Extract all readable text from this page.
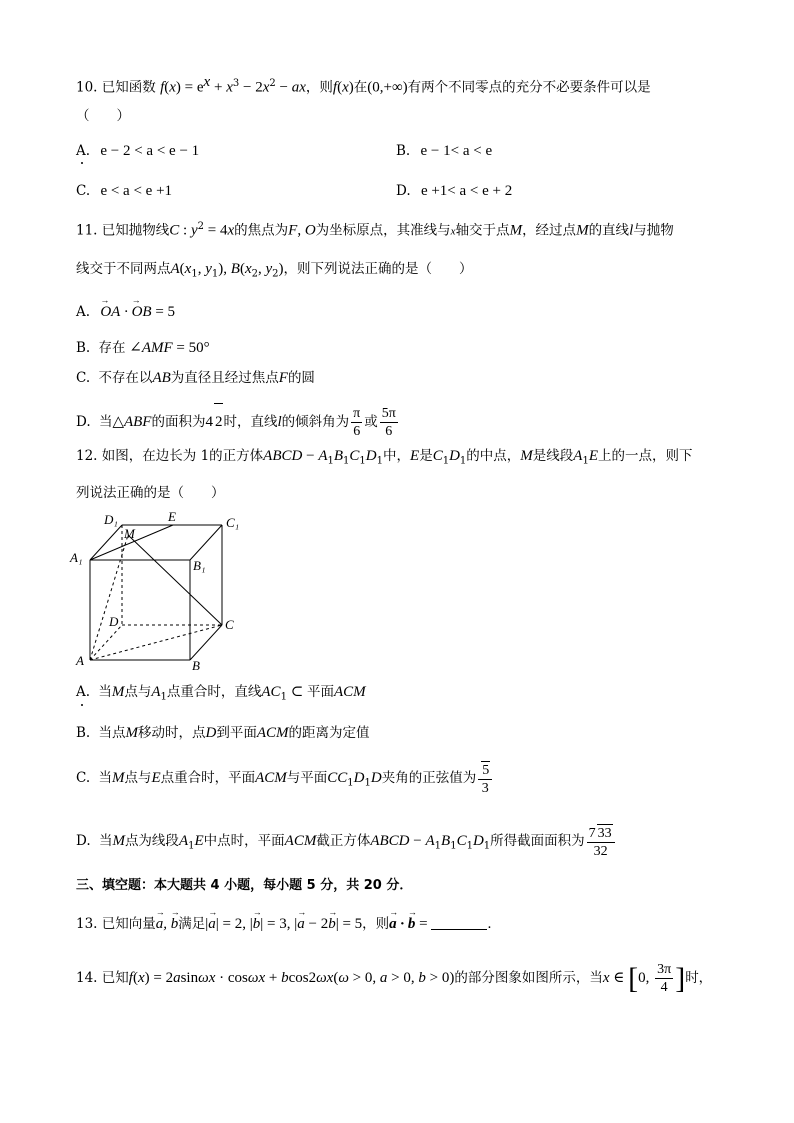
10. 已知函数 $f(x) = e^x + x^3 - 2x^2$ − ax，则f(x)在(0,+∞)有两个不同零点的充分不必要条件可以是
（　　）
A. e − 2 < a < e − 1	B. e − 1< a < e
C. e < a < e +1	D. e +1< a < e + 2
11. 已知抛物线C : $y^2 = 4x$的焦点为F, O为坐标原点，其准线与x轴交于点M，经过点M的直线l与抛物
线交于不同两点$A(x_1$, $y_1$), $B(x_2$, $y_2$)，则下列说法正确的是（　　）
A. → OA · → OB = 5
B. 存在 ∠AMF = 50°
C. 不存在以AB为直径且经过焦点F的圆
D. 当△ABF的面积为4 2时，直线l的倾斜角为 $\frac{\pi}{6}$ 或 $\frac{5\pi}{6}$
12. 如图，在边长为 1的正方体ABCD − $A_1B_1C_1D_1$中，E是$C_1D_1$的中点，M是线段$A_1E$上的一点，则下
列说法正确的是（　　）
D₁	E	C₁
M
A₁
B₁
D	C
A	B
A. 当M点与$A_1$点重合时，直线$AC_1$ ⊂ 平面ACM
B. 当点M移动时，点D到平面ACM的距离为定值
C. 当M点与E点重合时，平面ACM与平面$CC_1D_1D$夹角的正弦值为 $\frac{5}{3}$
D. 当M点为线段$A_1E$中点时，平面ACM截正方体ABCD − $A_1B_1C_1D_1$所得截面面积为 $\frac{7 33}{32}$
三、填空题：本大题共 4 小题，每小题 5 分，共 20 分．
13. 已知向量→ a, → b满足|→ a| = 2, |→ b| = 3, |→ a − 2→ b| = 5，则→ a · → b =	．
14. 已知f(x) = 2asinωx · cosωx + bcos2ωx(ω > 0, a > 0, b > 0)的部分图象如图所示，当x ∈ [0, $\frac{3\pi}{4}$ ]时，
